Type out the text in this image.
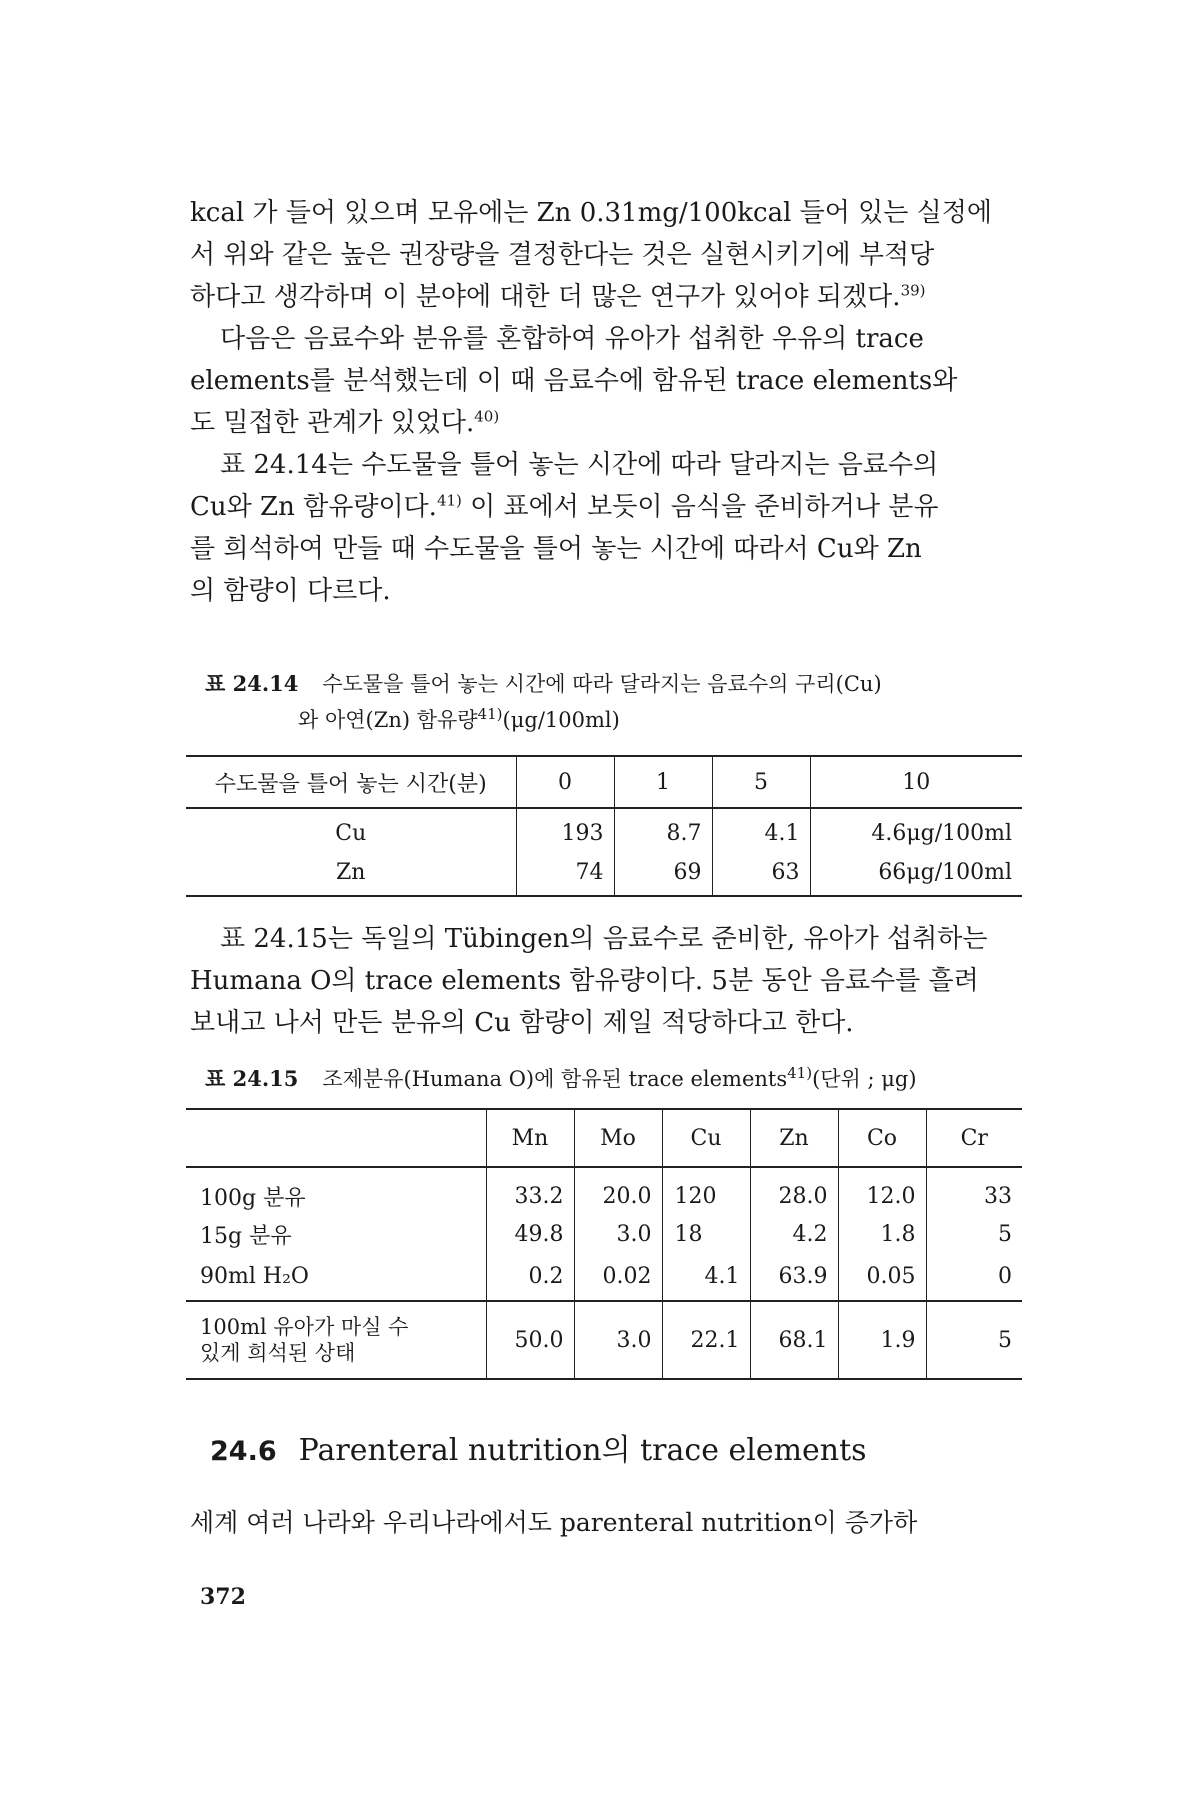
kcal 가 들어 있으며 모유에는 Zn 0.31mg/100kcal 들어 있는 실정에
서 위와 같은 높은 권장량을 결정한다는 것은 실현시키기에 부적당
하다고 생각하며 이 분야에 대한 더 많은 연구가 있어야 되겠다.$^{39)}$
다음은 음료수와 분유를 혼합하여 유아가 섭취한 우유의 trace
elements를 분석했는데 이 때 음료수에 함유된 trace elements와
도 밀접한 관계가 있었다.$^{40)}$
표 24.14는 수도물을 틀어 놓는 시간에 따라 달라지는 음료수의
Cu와 Zn 함유량이다.$^{41)}$ 이 표에서 보듯이 음식을 준비하거나 분유
를 희석하여 만들 때 수도물을 틀어 놓는 시간에 따라서 Cu와 Zn
의 함량이 다르다.
표 24.14 수도물을 틀어 놓는 시간에 따라 달라지는 음료수의 구리(Cu)
와 아연(Zn) 함유량$^{41)}$(μg/100ml)
수도물을 틀어 놓는 시간(분)	0	1	5	10
Cu	193	8.7	4.1	4.6μg/100ml
Zn	74	69	63	66μg/100ml
표 24.15는 독일의 Tübingen의 음료수로 준비한, 유아가 섭취하는
Humana O의 trace elements 함유량이다. 5분 동안 음료수를 흘려
보내고 나서 만든 분유의 Cu 함량이 제일 적당하다고 한다.
표 24.15 조제분유(Humana O)에 함유된 trace elements$^{41)}$(단위 ; μg)
	Mn	Mo	Cu	Zn	Co	Cr
100g 분유	33.2	20.0	120	28.0	12.0	33
15g 분유	49.8	3.0	18	4.2	1.8	5
90ml H₂O	0.2	0.02	4.1	63.9	0.05	0
100ml 유아가 마실 수
있게 희석된 상태	50.0	3.0	22.1	68.1	1.9	5
24.6 Parenteral nutrition의 trace elements
세계 여러 나라와 우리나라에서도 parenteral nutrition이 증가하
372
